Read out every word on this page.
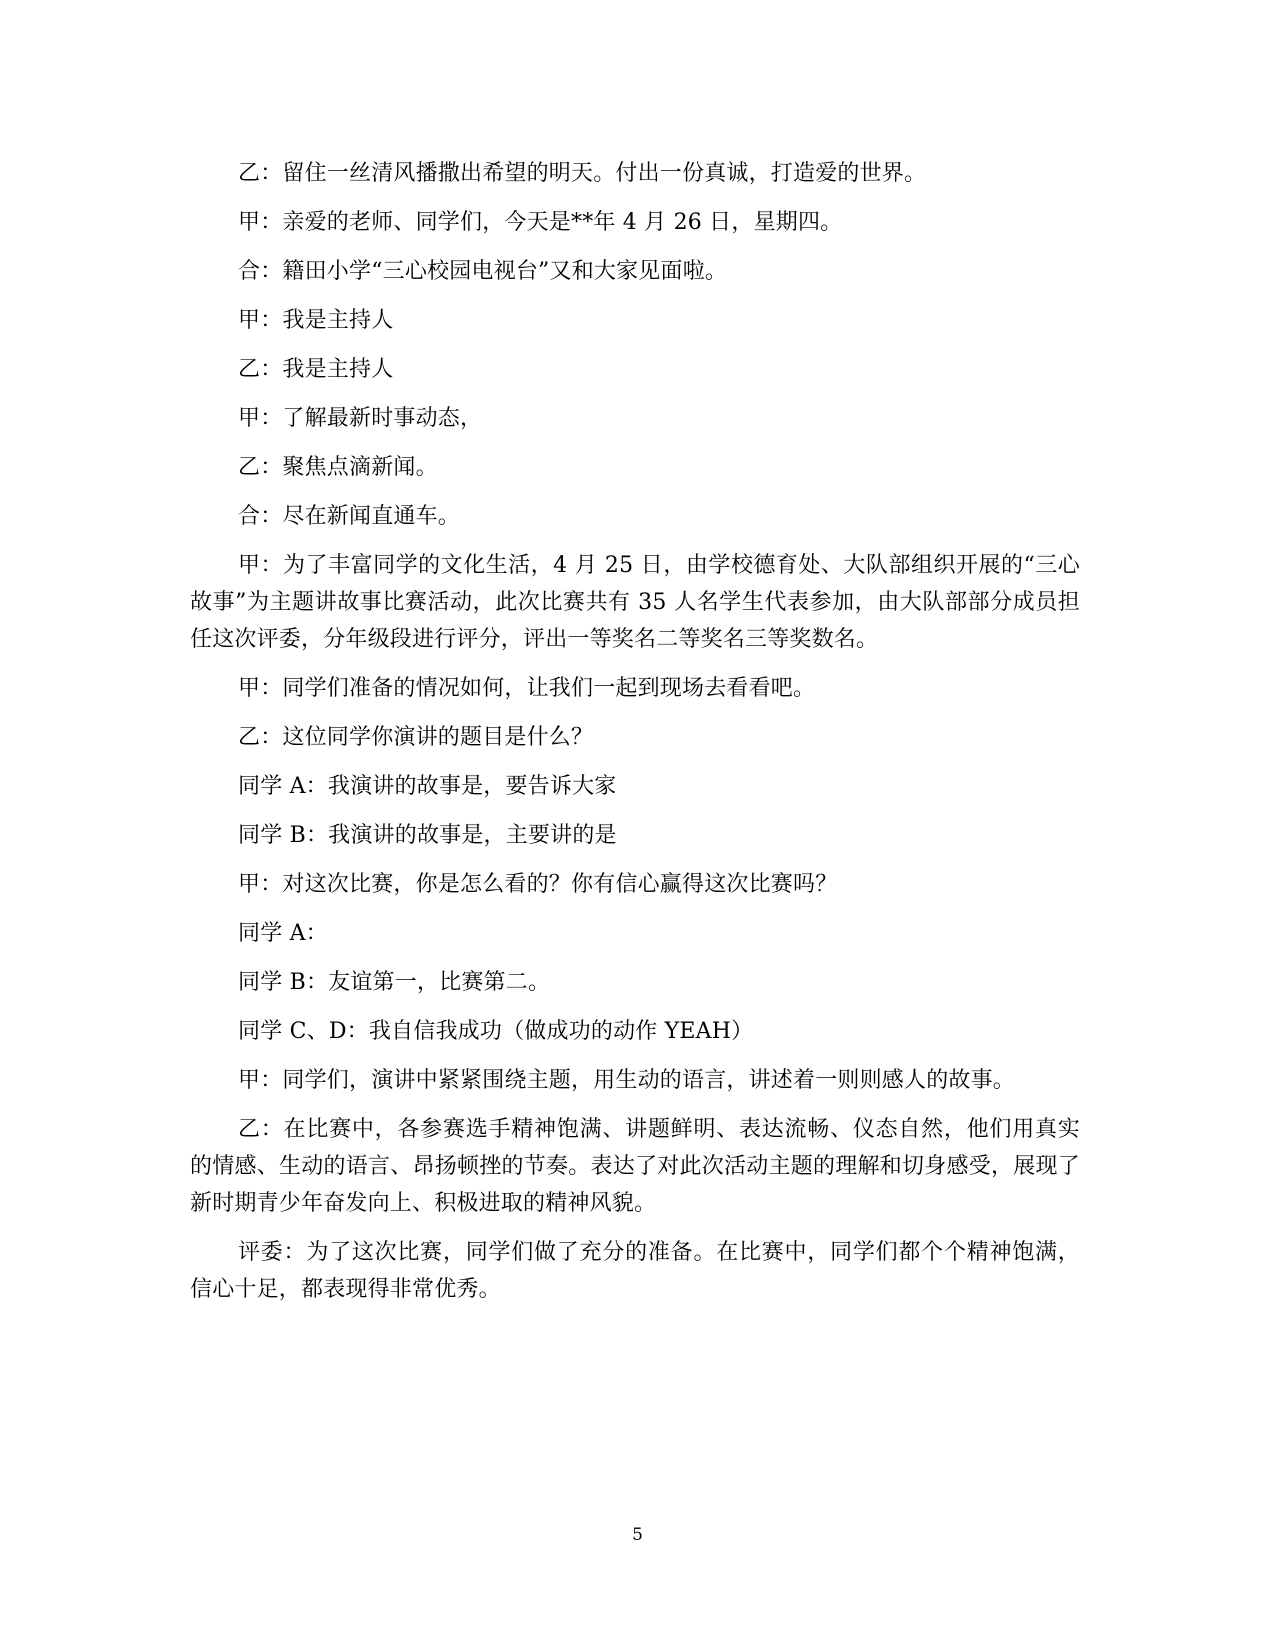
乙：留住一丝清风播撒出希望的明天。付出一份真诚，打造爱的世界。

甲：亲爱的老师、同学们，今天是**年 4 月 26 日，星期四。

合：籍田小学“三心校园电视台”又和大家见面啦。

甲：我是主持人

乙：我是主持人

甲：了解最新时事动态，

乙：聚焦点滴新闻。

合：尽在新闻直通车。

甲：为了丰富同学的文化生活，4 月 25 日，由学校德育处、大队部组织开展的“三心故事”为主题讲故事比赛活动，此次比赛共有 35 人名学生代表参加，由大队部部分成员担任这次评委，分年级段进行评分，评出一等奖名二等奖名三等奖数名。

甲：同学们准备的情况如何，让我们一起到现场去看看吧。

乙：这位同学你演讲的题目是什么？

同学 A：我演讲的故事是，要告诉大家

同学 B：我演讲的故事是，主要讲的是

甲：对这次比赛，你是怎么看的？你有信心赢得这次比赛吗？

同学 A：

同学 B：友谊第一，比赛第二。

同学 C、D：我自信我成功（做成功的动作 YEAH）

甲：同学们，演讲中紧紧围绕主题，用生动的语言，讲述着一则则感人的故事。

乙：在比赛中，各参赛选手精神饱满、讲题鲜明、表达流畅、仪态自然，他们用真实的情感、生动的语言、昂扬顿挫的节奏。表达了对此次活动主题的理解和切身感受，展现了新时期青少年奋发向上、积极进取的精神风貌。

评委：为了这次比赛，同学们做了充分的准备。在比赛中，同学们都个个精神饱满，信心十足，都表现得非常优秀。

5
